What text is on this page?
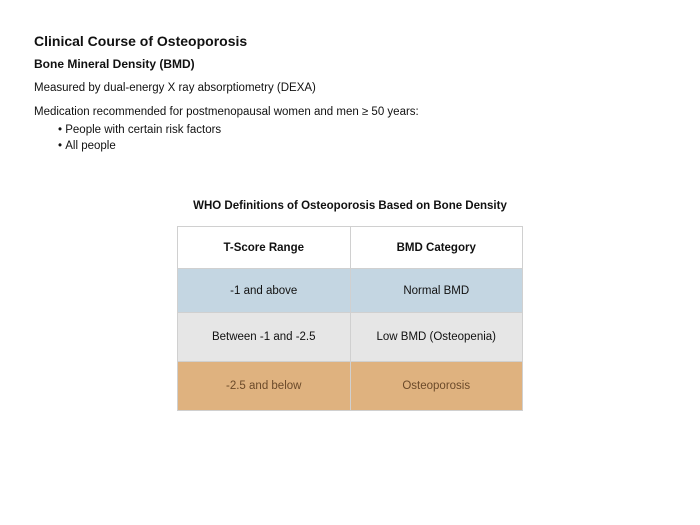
Clinical Course of Osteoporosis
Bone Mineral Density (BMD)
Measured by dual-energy X ray absorptiometry (DEXA)
Medication recommended for postmenopausal women and men ≥ 50 years:
• People with certain risk factors
• All people
WHO Definitions of Osteoporosis Based on Bone Density
T-Score Range	BMD Category
-1 and above	Normal BMD
Between -1 and -2.5	Low BMD (Osteopenia)
-2.5 and below	Osteoporosis
